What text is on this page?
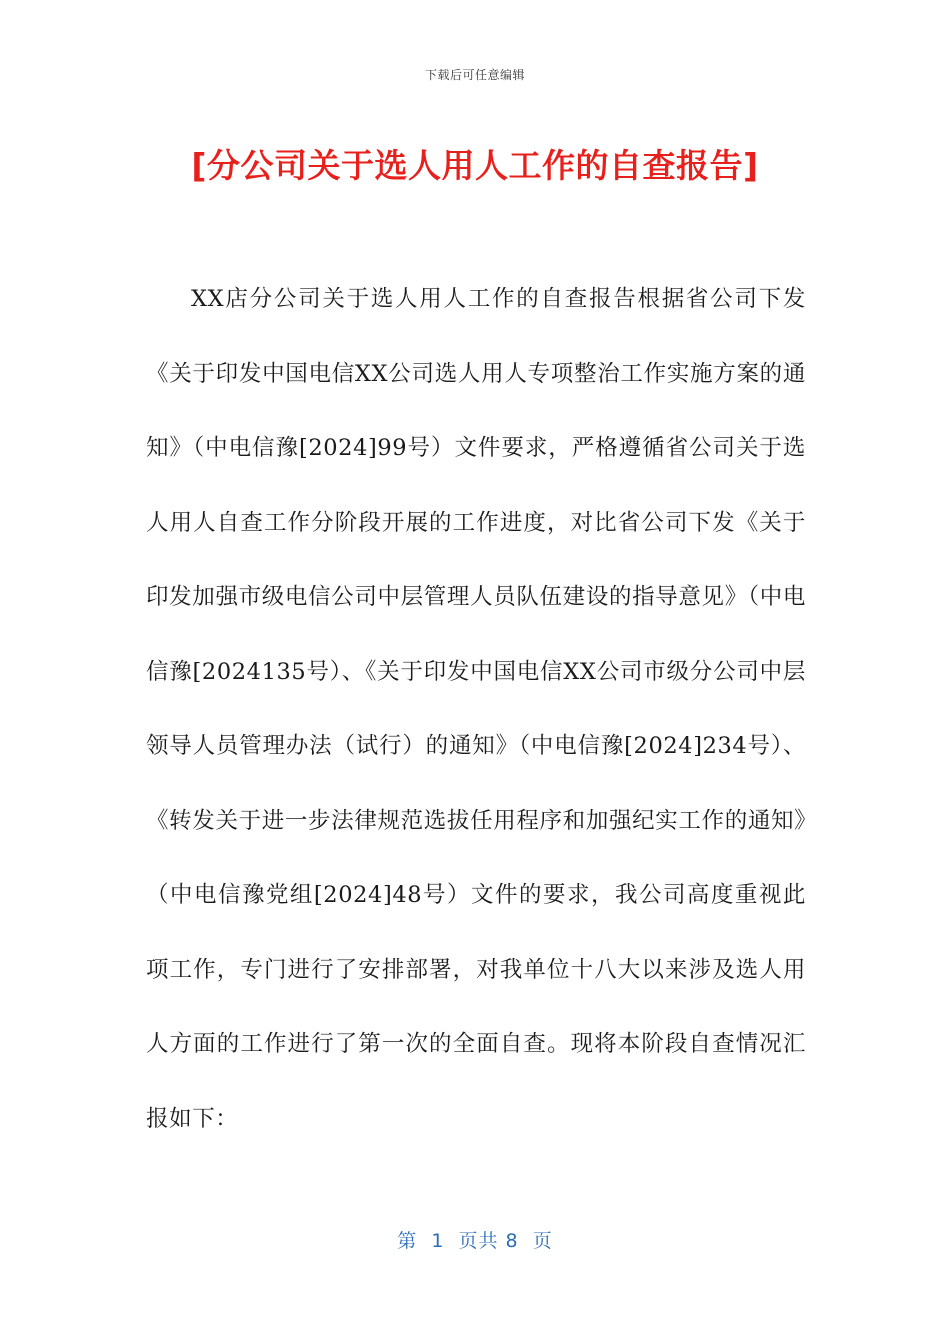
下载后可任意编辑
[分公司关于选人用人工作的自查报告]

XX店分公司关于选人用人工作的自查报告根据省公司下发《关于印发中国电信XX公司选人用人专项整治工作实施方案的通知》（中电信豫[2024]99号）文件要求，严格遵循省公司关于选人用人自查工作分阶段开展的工作进度，对比省公司下发《关于印发加强市级电信公司中层管理人员队伍建设的指导意见》（中电信豫[2024135号）、《关于印发中国电信XX公司市级分公司中层领导人员管理办法（试行）的通知》（中电信豫[2024]234号）、《转发关于进一步法律规范选拔任用程序和加强纪实工作的通知》（中电信豫党组[2024]48号）文件的要求，我公司高度重视此项工作，专门进行了安排部署，对我单位十八大以来涉及选人用人方面的工作进行了第一次的全面自查。现将本阶段自查情况汇报如下：

第  1  页共 8  页
